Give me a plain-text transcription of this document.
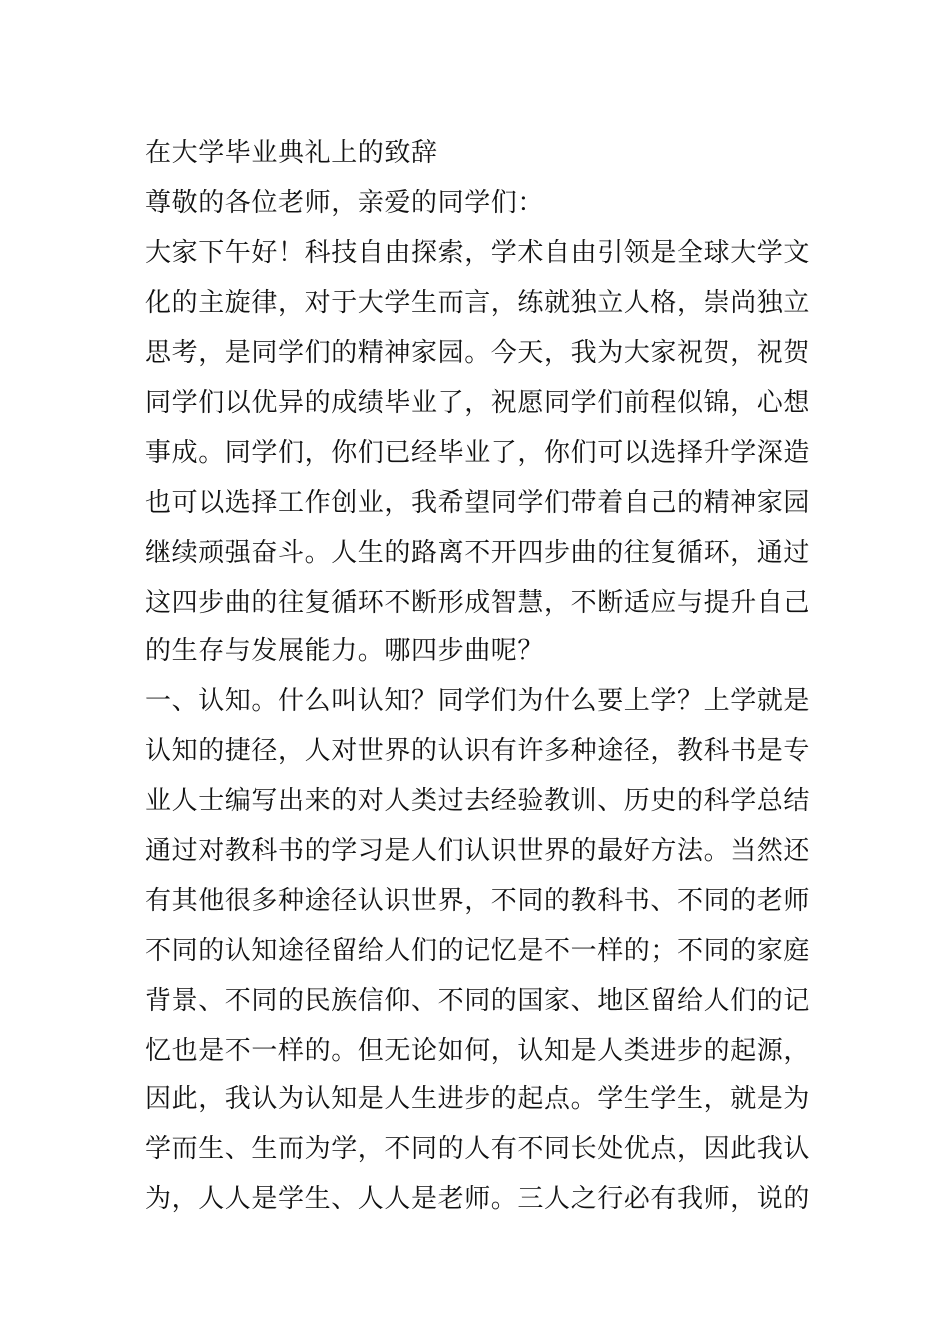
在大学毕业典礼上的致辞
尊敬的各位老师，亲爱的同学们：
大家下午好！科技自由探索，学术自由引领是全球大学文
化的主旋律，对于大学生而言，练就独立人格，崇尚独立
思考，是同学们的精神家园。今天，我为大家祝贺，祝贺
同学们以优异的成绩毕业了，祝愿同学们前程似锦，心想
事成。同学们，你们已经毕业了，你们可以选择升学深造
也可以选择工作创业，我希望同学们带着自己的精神家园
继续顽强奋斗。人生的路离不开四步曲的往复循环，通过
这四步曲的往复循环不断形成智慧，不断适应与提升自己
的生存与发展能力。哪四步曲呢？
一、认知。什么叫认知？同学们为什么要上学？上学就是
认知的捷径，人对世界的认识有许多种途径，教科书是专
业人士编写出来的对人类过去经验教训、历史的科学总结
通过对教科书的学习是人们认识世界的最好方法。当然还
有其他很多种途径认识世界，不同的教科书、不同的老师
不同的认知途径留给人们的记忆是不一样的；不同的家庭
背景、不同的民族信仰、不同的国家、地区留给人们的记
忆也是不一样的。但无论如何，认知是人类进步的起源，
因此，我认为认知是人生进步的起点。学生学生，就是为
学而生、生而为学，不同的人有不同长处优点，因此我认
为，人人是学生、人人是老师。三人之行必有我师，说的
